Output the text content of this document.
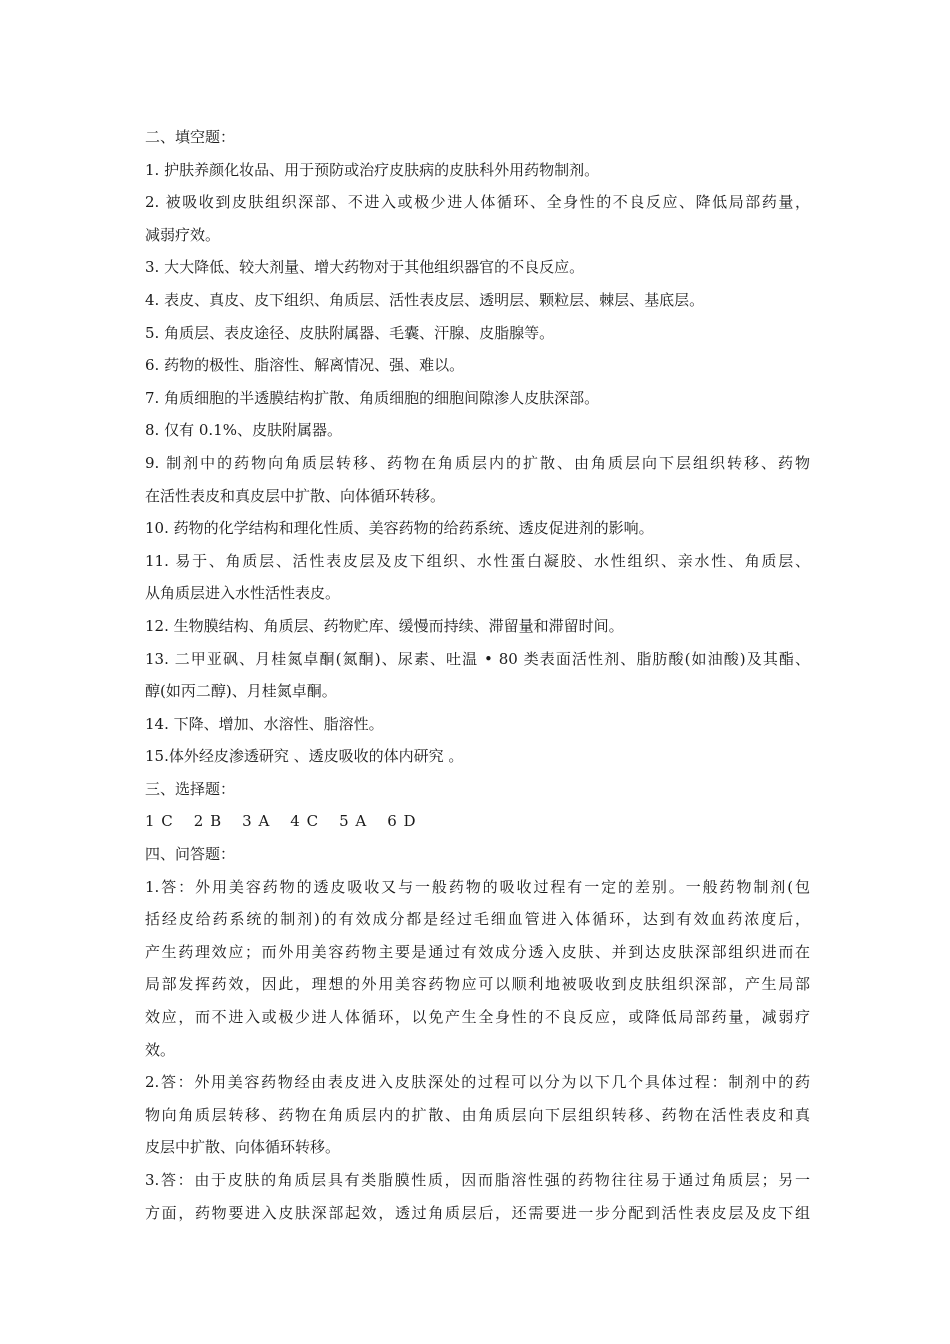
二、填空题：
1. 护肤养颜化妆品、用于预防或治疗皮肤病的皮肤科外用药物制剂。
2. 被吸收到皮肤组织深部、不进入或极少进人体循环、全身性的不良反应、降低局部药量，
减弱疗效。
3. 大大降低、较大剂量、增大药物对于其他组织器官的不良反应。
4. 表皮、真皮、皮下组织、角质层、活性表皮层、透明层、颗粒层、棘层、基底层。
5. 角质层、表皮途径、皮肤附属器、毛囊、汗腺、皮脂腺等。
6. 药物的极性、脂溶性、解离情况、强、难以。
7. 角质细胞的半透膜结构扩散、角质细胞的细胞间隙渗人皮肤深部。
8. 仅有 0.1%、皮肤附属器。
9. 制剂中的药物向角质层转移、药物在角质层内的扩散、由角质层向下层组织转移、药物
在活性表皮和真皮层中扩散、向体循环转移。
10. 药物的化学结构和理化性质、美容药物的给药系统、透皮促进剂的影响。
11. 易于、角质层、活性表皮层及皮下组织、水性蛋白凝胶、水性组织、亲水性、角质层、
从角质层进入水性活性表皮。
12. 生物膜结构、角质层、药物贮库、缓慢而持续、滞留量和滞留时间。
13. 二甲亚砜、月桂氮卓酮(氮酮)、尿素、吐温 • 80 类表面活性剂、脂肪酸(如油酸)及其酯、
醇(如丙二醇)、月桂氮卓酮。
14. 下降、增加、水溶性、脂溶性。
15.体外经皮渗透研究 、透皮吸收的体内研究 。
三、选择题：
1 C 2 B 3 A 4 C 5 A 6 D
四、问答题：
1.答：外用美容药物的透皮吸收又与一般药物的吸收过程有一定的差别。一般药物制剂(包
括经皮给药系统的制剂)的有效成分都是经过毛细血管进入体循环，达到有效血药浓度后，
产生药理效应；而外用美容药物主要是通过有效成分透入皮肤、并到达皮肤深部组织进而在
局部发挥药效，因此，理想的外用美容药物应可以顺利地被吸收到皮肤组织深部，产生局部
效应，而不进入或极少进人体循环，以免产生全身性的不良反应，或降低局部药量，减弱疗
效。
2.答：外用美容药物经由表皮进入皮肤深处的过程可以分为以下几个具体过程：制剂中的药
物向角质层转移、药物在角质层内的扩散、由角质层向下层组织转移、药物在活性表皮和真
皮层中扩散、向体循环转移。
3.答：由于皮肤的角质层具有类脂膜性质，因而脂溶性强的药物往往易于通过角质层；另一
方面，药物要进入皮肤深部起效，透过角质层后，还需要进一步分配到活性表皮层及皮下组
